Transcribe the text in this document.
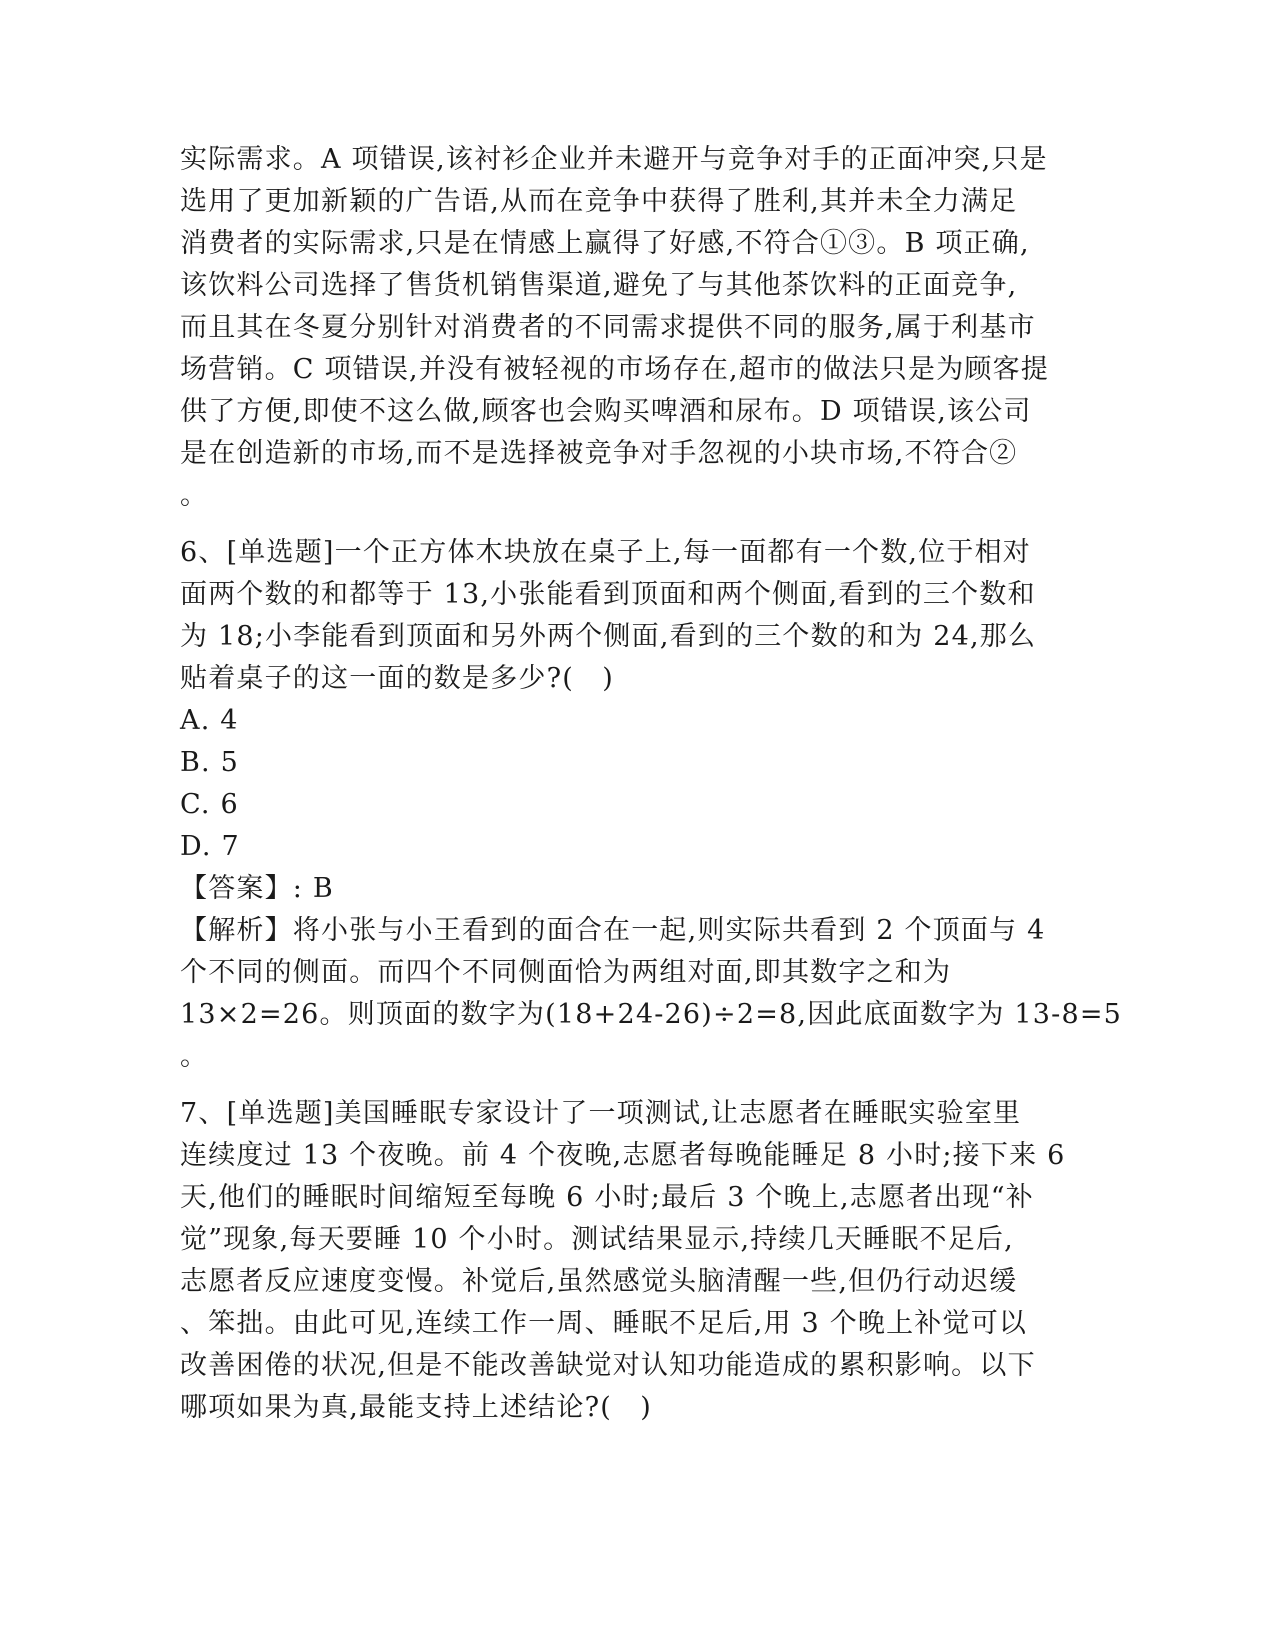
实际需求。A 项错误,该衬衫企业并未避开与竞争对手的正面冲突,只是
选用了更加新颖的广告语,从而在竞争中获得了胜利,其并未全力满足
消费者的实际需求,只是在情感上赢得了好感,不符合①③。B 项正确,
该饮料公司选择了售货机销售渠道,避免了与其他茶饮料的正面竞争,
而且其在冬夏分别针对消费者的不同需求提供不同的服务,属于利基市
场营销。C 项错误,并没有被轻视的市场存在,超市的做法只是为顾客提
供了方便,即使不这么做,顾客也会购买啤酒和尿布。D 项错误,该公司
是在创造新的市场,而不是选择被竞争对手忽视的小块市场,不符合②
。
6、[单选题]一个正方体木块放在桌子上,每一面都有一个数,位于相对
面两个数的和都等于 13,小张能看到顶面和两个侧面,看到的三个数和
为 18;小李能看到顶面和另外两个侧面,看到的三个数的和为 24,那么
贴着桌子的这一面的数是多少?(　)
A. 4
B. 5
C. 6
D. 7
【答案】: B
【解析】将小张与小王看到的面合在一起,则实际共看到 2 个顶面与 4
个不同的侧面。而四个不同侧面恰为两组对面,即其数字之和为
13×2=26。则顶面的数字为(18+24-26)÷2=8,因此底面数字为 13-8=5
。
7、[单选题]美国睡眠专家设计了一项测试,让志愿者在睡眠实验室里
连续度过 13 个夜晚。前 4 个夜晚,志愿者每晚能睡足 8 小时;接下来 6
天,他们的睡眠时间缩短至每晚 6 小时;最后 3 个晚上,志愿者出现“补
觉”现象,每天要睡 10 个小时。测试结果显示,持续几天睡眠不足后,
志愿者反应速度变慢。补觉后,虽然感觉头脑清醒一些,但仍行动迟缓
、笨拙。由此可见,连续工作一周、睡眠不足后,用 3 个晚上补觉可以
改善困倦的状况,但是不能改善缺觉对认知功能造成的累积影响。以下
哪项如果为真,最能支持上述结论?(　)
